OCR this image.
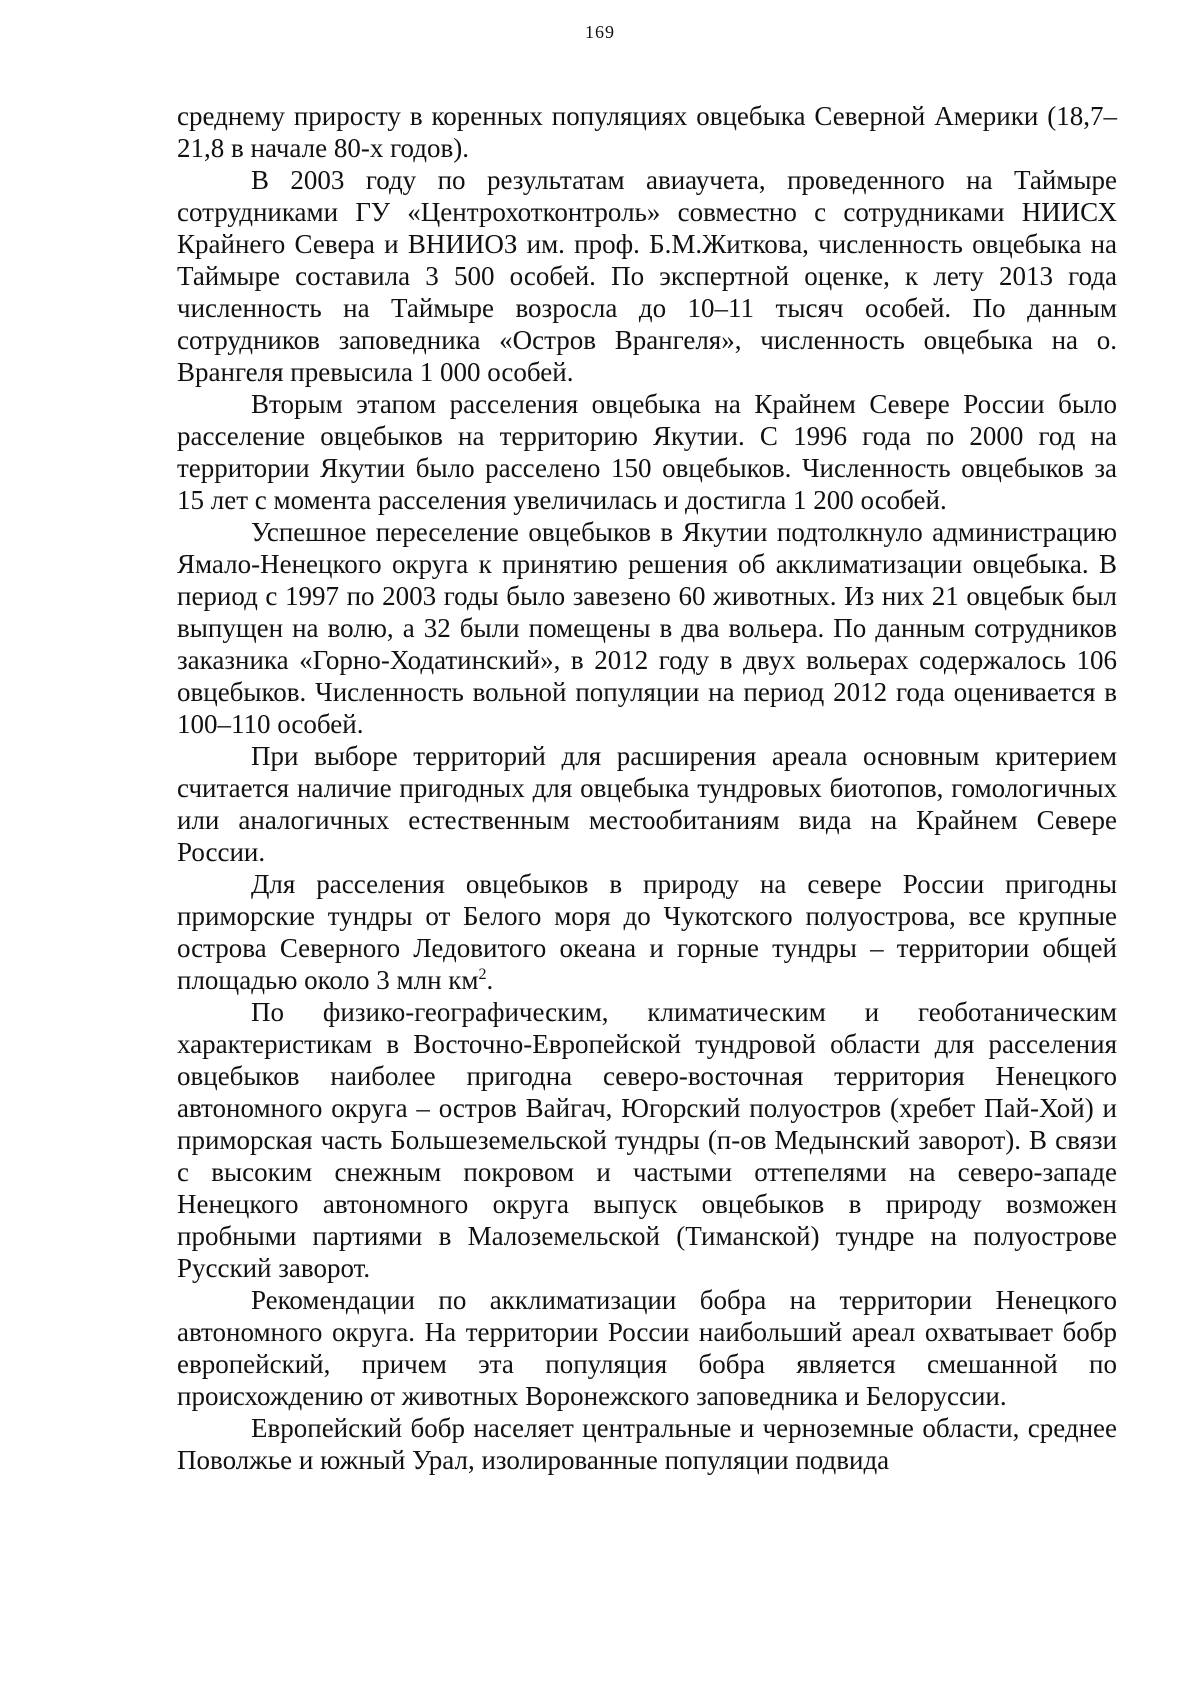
169

среднему приросту в коренных популяциях овцебыка Северной Америки (18,7–21,8 в начале 80-х годов).

В 2003 году по результатам авиаучета, проведенного на Таймыре сотрудниками ГУ «Центрохотконтроль» совместно с сотрудниками НИИСХ Крайнего Севера и ВНИИОЗ им. проф. Б.М.Житкова, численность овцебыка на Таймыре составила 3 500 особей. По экспертной оценке, к лету 2013 года численность на Таймыре возросла до 10–11 тысяч особей. По данным сотрудников заповедника «Остров Врангеля», численность овцебыка на о. Врангеля превысила 1 000 особей.

Вторым этапом расселения овцебыка на Крайнем Севере России было расселение овцебыков на территорию Якутии. С 1996 года по 2000 год на территории Якутии было расселено 150 овцебыков. Численность овцебыков за 15 лет с момента расселения увеличилась и достигла 1 200 особей.

Успешное переселение овцебыков в Якутии подтолкнуло администрацию Ямало-Ненецкого округа к принятию решения об акклиматизации овцебыка. В период с 1997 по 2003 годы было завезено 60 животных. Из них 21 овцебык был выпущен на волю, а 32 были помещены в два вольера. По данным сотрудников заказника «Горно-Ходатинский», в 2012 году в двух вольерах содержалось 106 овцебыков. Численность вольной популяции на период 2012 года оценивается в 100–110 особей.

При выборе территорий для расширения ареала основным критерием считается наличие пригодных для овцебыка тундровых биотопов, гомологичных или аналогичных естественным местообитаниям вида на Крайнем Севере России.

Для расселения овцебыков в природу на севере России пригодны приморские тундры от Белого моря до Чукотского полуострова, все крупные острова Северного Ледовитого океана и горные тундры – территории общей площадью около 3 млн $км^2$.

По физико-географическим, климатическим и геоботаническим характеристикам в Восточно-Европейской тундровой области для расселения овцебыков наиболее пригодна северо-восточная территория Ненецкого автономного округа – остров Вайгач, Югорский полуостров (хребет Пай-Хой) и приморская часть Большеземельской тундры (п-ов Медынский заворот). В связи с высоким снежным покровом и частыми оттепелями на северо-западе Ненецкого автономного округа выпуск овцебыков в природу возможен пробными партиями в Малоземельской (Тиманской) тундре на полуострове Русский заворот.

Рекомендации по акклиматизации бобра на территории Ненецкого автономного округа. На территории России наибольший ареал охватывает бобр европейский, причем эта популяция бобра является смешанной по происхождению от животных Воронежского заповедника и Белоруссии.

Европейский бобр населяет центральные и черноземные области, среднее Поволжье и южный Урал, изолированные популяции подвида
